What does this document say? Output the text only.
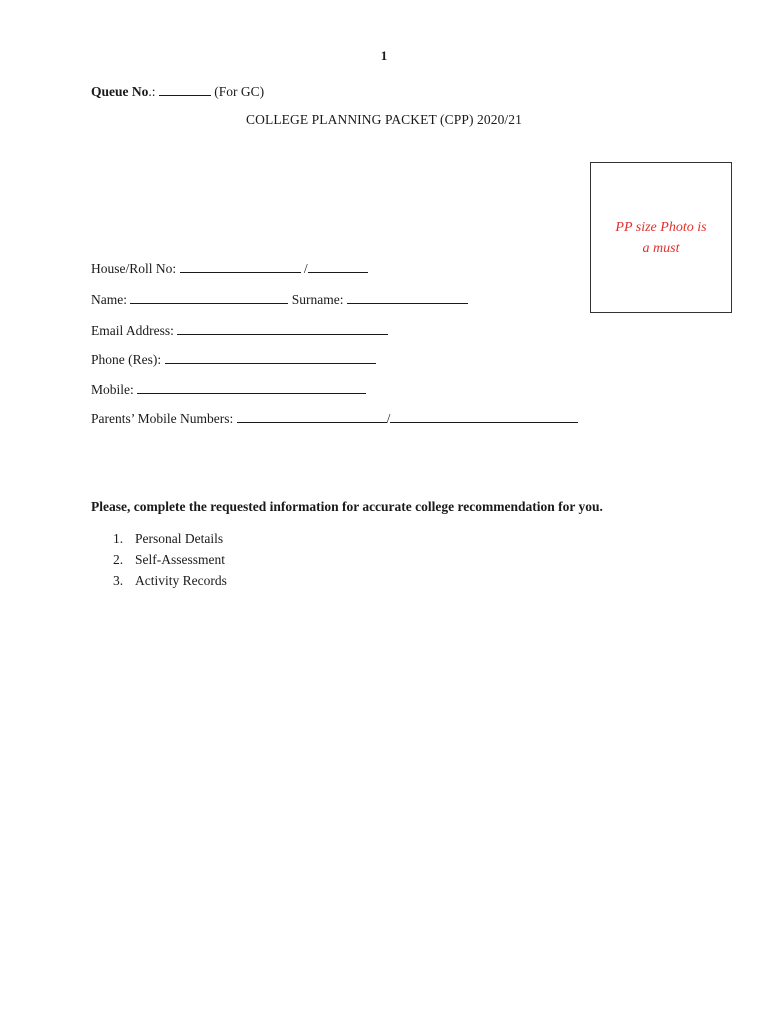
1
Queue No.:	(For GC)
COLLEGE PLANNING PACKET (CPP) 2020/21
PP size Photo is a must
House/Roll No:	/
Name:	Surname:
Email Address:
Phone (Res):
Mobile:
Parents’ Mobile Numbers:	/
Please, complete the requested information for accurate college recommendation for you.
1. Personal Details
2. Self-Assessment
3. Activity Records
